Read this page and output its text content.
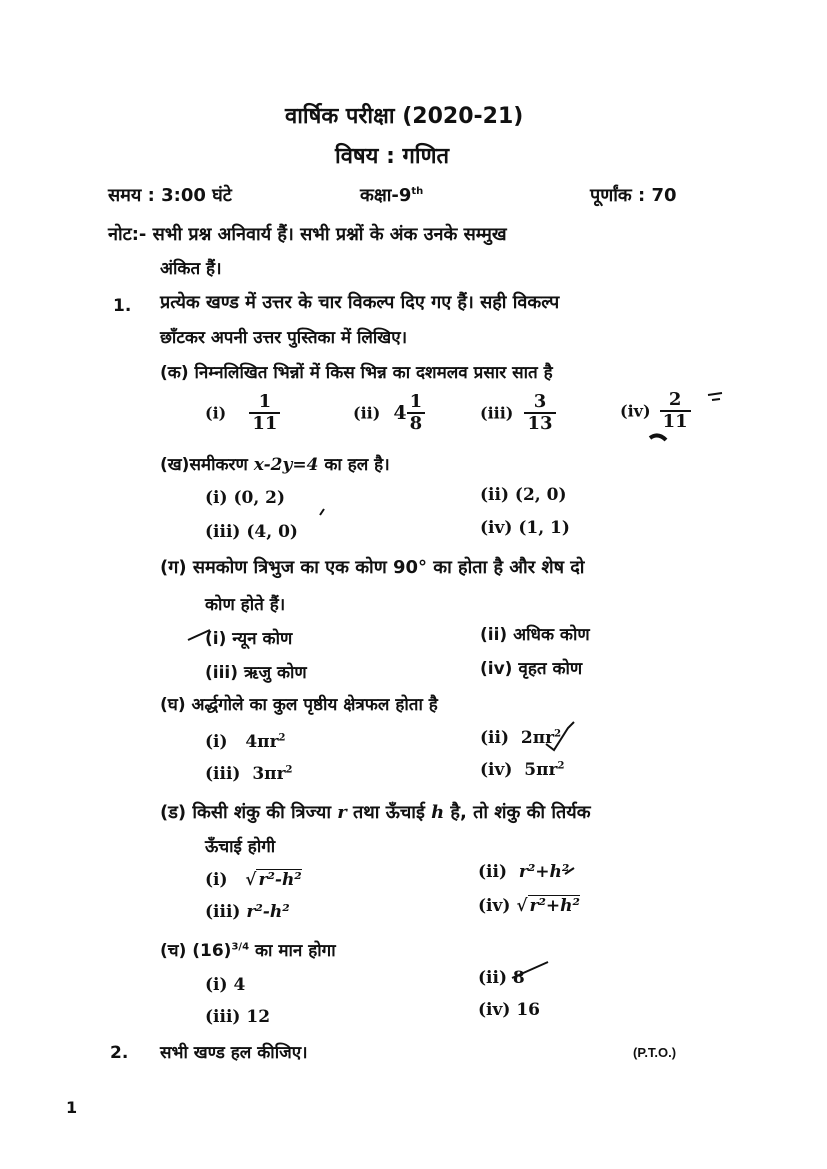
वार्षिक परीक्षा (2020-21)
विषय : गणित
समय : 3:00 घंटे	कक्षा-9th	पूर्णांक : 70
नोट:- सभी प्रश्न अनिवार्य हैं। सभी प्रश्नों के अंक उनके सम्मुख
अंकित हैं।
1. प्रत्येक खण्ड में उत्तर के चार विकल्प दिए गए हैं। सही विकल्प
छाँटकर अपनी उत्तर पुस्तिका में लिखिए।
(क) निम्नलिखित भिन्नों में किस भिन्न का दशमलव प्रसार सात है
$(i) \frac{1}{11}$	(ii) $4 \frac{1}{8}$	$(iii) \frac{3}{13}$	$(iv) \frac{2}{11}$
(ख)समीकरण x-2y=4 का हल है।
(i) (0, 2)	(ii) (2, 0)
(iii) (4, 0)	(iv) (1, 1)
(ग) समकोण त्रिभुज का एक कोण 90° का होता है और शेष दो
कोण होते हैं।
(i) न्यून कोण	(ii) अधिक कोण
(iii) ऋजु कोण	(iv) वृहत कोण
(घ) अर्द्धगोले का कुल पृष्ठीय क्षेत्रफल होता है
(i) $4\pi r^2$	(ii) $2\pi r^2$
(iii) $3\pi r^2$	(iv) $5\pi r^2$
(ड) किसी शंकु की त्रिज्या r तथा ऊँचाई h है, तो शंकु की तिर्यक
ऊँचाई होगी
(i)   √ r²-h²	(ii) r²+h²
(iii) r²-h²	(iv) √ r²+h²
(च) $(16)^{3/4}$ का मान होगा
(i) 4	(ii) 8
(iii) 12	(iv) 16
2. सभी खण्ड हल कीजिए।	(P.T.O.)
1
